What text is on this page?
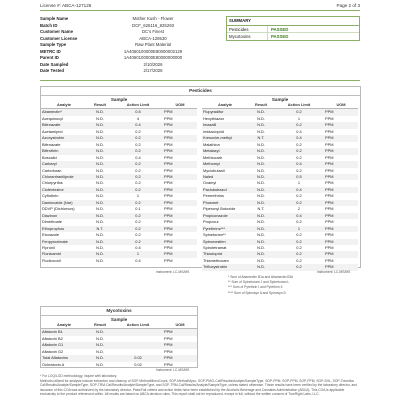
License #: ABCA-127126	Page 2 of 3
Sample Name	Mother Kush - Flower
Batch ID	DCF_626116_825293
Customer Name	DC's Finest
Customer License	ABCA-128530
Sample Type	Raw Plant Material
METRC ID	1A4060100000E80000002129
Parent ID	1A4060100000E80000000000
Date Sampled	2/10/2026
Date Tested	2/17/2026
SUMMARY
Pesticides	PASSED
Mycotoxins	PASSED
Pesticides
Sample			
Analyte	Result	Action Limit	UOM
Abamectin*	N.D.	0.5	PPM
Acequinocyl	N.D.	4	PPM
Bifenazate	N.D.	0.4	PPM
Acetamiprid	N.D.	0.2	PPM
Azoxystrobin	N.D.	0.2	PPM
Bifenazate	N.D.	0.2	PPM
Bifenthrin	N.D.	0.2	PPM
Boscalid	N.D.	0.4	PPM
Carbaryl	N.D.	0.2	PPM
Carbofuran	N.D.	0.2	PPM
Chlorantraniliprole	N.D.	0.2	PPM
Chlorpyrifos	N.D.	0.2	PPM
Clofentezine	N.D.	0.2	PPM
Cyfluthrin	N.D.	1	PPM
Daminozide (Nar)	N.D.	0.2	PPM
DDVP (Dichlorvos)	N.D.	0.1	PPM
Diazinon	N.D.	0.2	PPM
Dimethoate	N.D.	0.2	PPM
Ethoprophos	N.T.	0.2	PPM
Etoxazole	N.D.	0.2	PPM
Fenpyroximate	N.D.	0.2	PPM
Fipronil	N.D.	0.4	PPM
Flonicamid	N.D.	1	PPM
Fludioxonil	N.D.	0.4	PPM
Sample			
Analyte	Result	Action Limit	UOM
Flupyradifur	N.D.	0.2	PPM
Hexythiazox	N.D.	1	PPM
Imazalil	N.D.	0.2	PPM
Imidacloprid	N.D.	0.4	PPM
Kresoxim-methyl	N.T.	0.4	PPM
Malathion	N.D.	0.2	PPM
Metalaxyl	N.D.	0.2	PPM
Methiocarb	N.D.	0.2	PPM
Methomyl	N.D.	0.4	PPM
Myclobutanil	N.D.	0.2	PPM
Naled	N.D.	0.5	PPM
Oxamyl	N.D.	1	PPM
Paclobutrazol	N.D.	0.4	PPM
Permethrins	N.D.	0.2	PPM
Phosmet	N.D.	0.2	PPM
Piperonyl Butoxide	N.T.	2	PPM
Propiconazole	N.D.	0.4	PPM
Propoxur	N.D.	0.2	PPM
Pyrethrins***	N.D.	1	PPM
Spinetoram**	N.D.	0.2	PPM
Spiromesifen	N.D.	0.2	PPM
Spirotetramat	N.D.	0.2	PPM
Thiacloprid	N.D.	0.2	PPM
Thiamethoxam	N.D.	0.2	PPM
Trifloxystrobin	N.D.	0.2	PPM
instrument: LC-MS/MS	instrument: LC-MS/MS
* Sum of Abamectin B1a and Abamectin B1b
** Sum of Spinetoram J and Spinetoram L
*** Sum of Pyrethrin I and Pyrethrin II
**** Sum of Spinosyn A and Spinosyn D
Mycotoxins
Sample			
Analyte	Result	Action Limit	UOM
Aflatoxin B1	N.D.		PPM
Aflatoxin B2	N.D.		PPM
Aflatoxin G1	N.D.		PPM
Aflatoxin G2	N.D.		PPM
Total Aflatoxins	N.D.	0.02	PPM
Ochratoxin A	N.D.	0.02	PPM
instrument: LC-MS/MS
* For LOQ/LOD methodology, inquire with laboratory.
Methods utilized for analysis include extraction and cleanup of SOP-MethodMicroCount, SOP-MethodMyco, SOP-PMCI-Cal/Results/Analyte/SampleType, SOP-PPM, SOP-PPM, SOP-PPM, SOP-SHL, SOP-Trecellos Cal/Results/Analyte/SampleType, SOP-TRM-Cal/Results/Analyte/SampleType, and SOP-TRM-Cal/Results/Analyte/SampleType, unless stated otherwise. These results have been verified by the laboratory director, and issuance of this COA was authorized by the laboratory director. Pass/Fail criteria and action limits have been established by the Alcoholic Beverage and Cannabis Administration (ABCA). This COA is applicable exclusively to the product referenced within. All results are based on ABCA decision rules. This report shall not be reproduced, except in full, without the written consent of TrueRight Labs, LLC.
